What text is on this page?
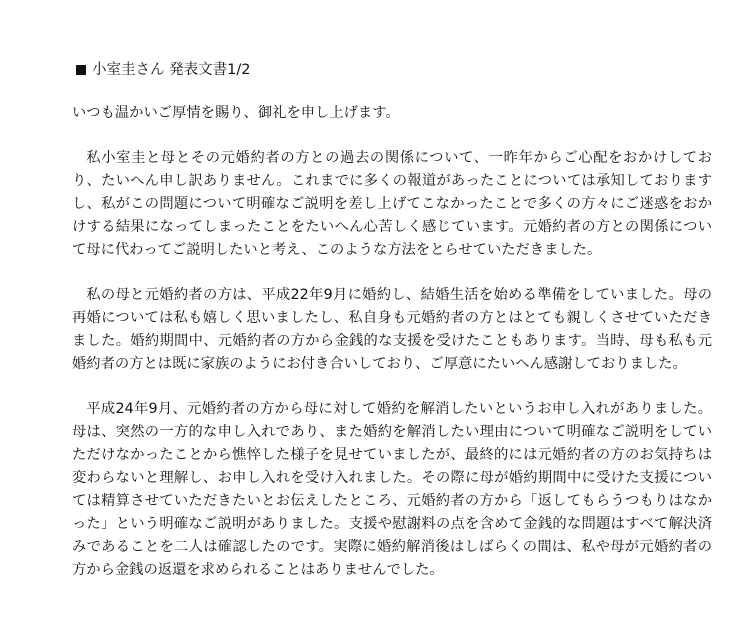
小室圭さん 発表文書1/2

いつも温かいご厚情を賜り、御礼を申し上げます。

私小室圭と母とその元婚約者の方との過去の関係について、一昨年からご心配をおかけしており、たいへん申し訳ありません。これまでに多くの報道があったことについては承知しておりますし、私がこの問題について明確なご説明を差し上げてこなかったことで多くの方々にご迷惑をおかけする結果になってしまったことをたいへん心苦しく感じています。元婚約者の方との関係について母に代わってご説明したいと考え、このような方法をとらせていただきました。

私の母と元婚約者の方は、平成22年9月に婚約し、結婚生活を始める準備をしていました。母の再婚については私も嬉しく思いましたし、私自身も元婚約者の方とはとても親しくさせていただきました。婚約期間中、元婚約者の方から金銭的な支援を受けたこともあります。当時、母も私も元婚約者の方とは既に家族のようにお付き合いしており、ご厚意にたいへん感謝しておりました。

平成24年9月、元婚約者の方から母に対して婚約を解消したいというお申し入れがありました。母は、突然の一方的な申し入れであり、また婚約を解消したい理由について明確なご説明をしていただけなかったことから憔悴した様子を見せていましたが、最終的には元婚約者の方のお気持ちは変わらないと理解し、お申し入れを受け入れました。その際に母が婚約期間中に受けた支援については精算させていただきたいとお伝えしたところ、元婚約者の方から「返してもらうつもりはなかった」という明確なご説明がありました。支援や慰謝料の点を含めて金銭的な問題はすべて解決済みであることを二人は確認したのです。実際に婚約解消後はしばらくの間は、私や母が元婚約者の方から金銭の返還を求められることはありませんでした。
